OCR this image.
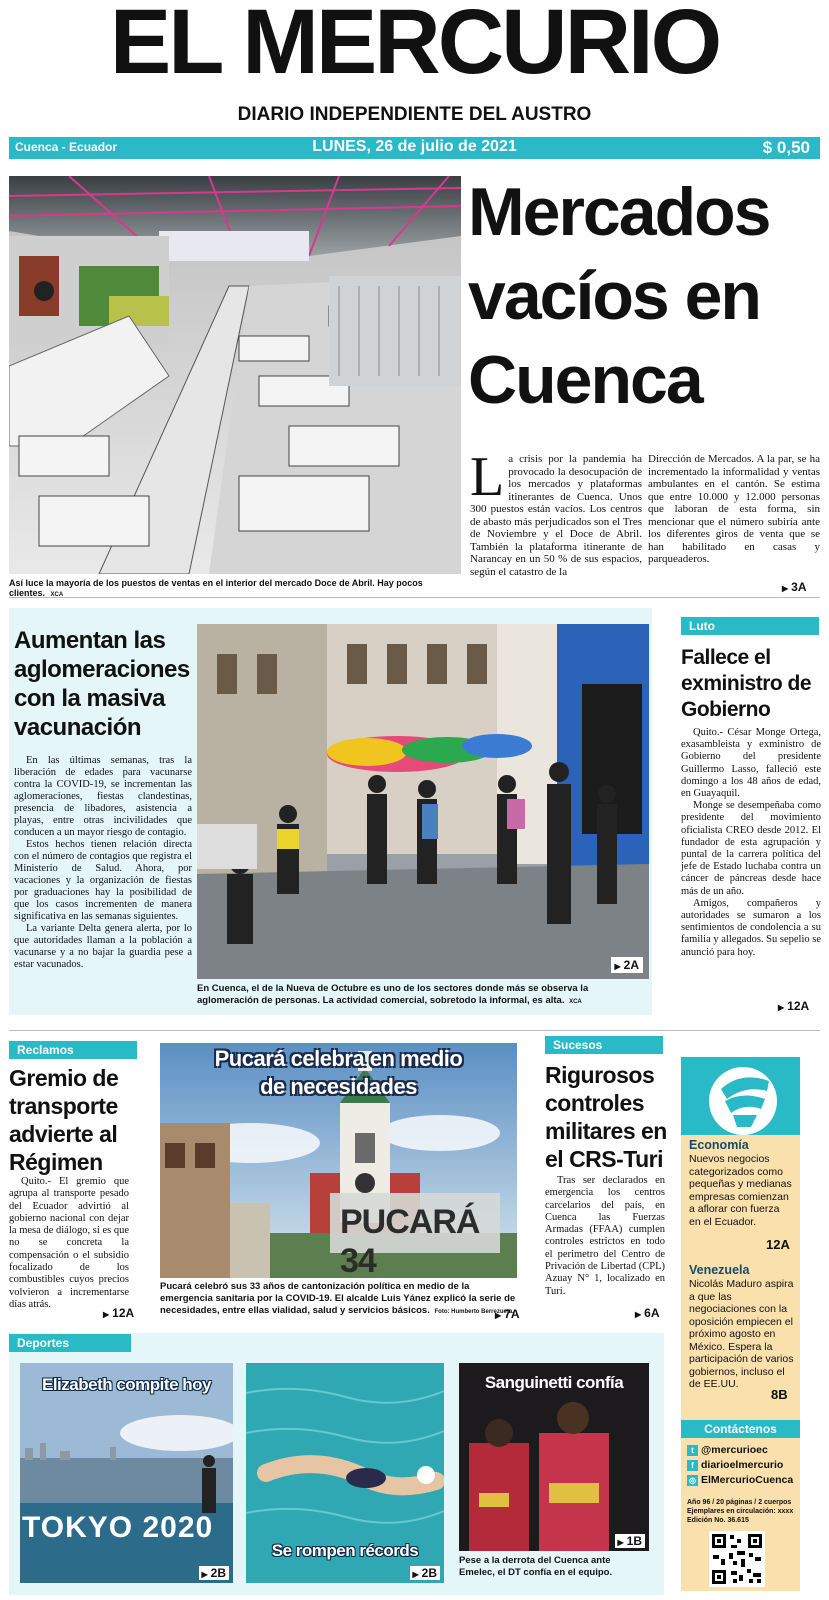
EL MERCURIO
DIARIO INDEPENDIENTE DEL AUSTRO
Cuenca - Ecuador	LUNES, 26 de julio de 2021	$ 0,50
Así luce la mayoría de los puestos de ventas en el interior del mercado Doce de Abril. Hay pocos clientes. XCA
Mercados vacíos en Cuenca
L a crisis por la pandemia ha provocado la desocupación de los mercados y plataformas itinerantes de Cuenca. Unos 300 puestos están vacíos. Los centros de abasto más perjudicados son el Tres de Noviembre y el Doce de Abril. También la plataforma itinerante de Narancay en un 50 % de sus espacios, según el catastro de la
Dirección de Mercados. A la par, se ha incrementado la informalidad y ventas ambulantes en el cantón. Se estima que entre 10.000 y 12.000 personas que laboran de esta forma, sin mencionar que el número subiría ante los diferentes giros de venta que se han habilitado en casas y parqueaderos.
▶ 3A
Aumentan las aglomeraciones con la masiva vacunación

En las últimas semanas, tras la liberación de edades para vacunarse contra la COVID-19, se incrementan las aglomeraciones, fiestas clandestinas, presencia de libadores, asistencia a playas, entre otras incivilidades que conducen a un mayor riesgo de contagio.

Estos hechos tienen relación directa con el número de contagios que registra el Ministerio de Salud. Ahora, por vacaciones y la organización de fiestas por graduaciones hay la posibilidad de que los casos incrementen de manera significativa en las semanas siguientes.

La variante Delta genera alerta, por lo que autoridades llaman a la población a vacunarse y a no bajar la guardia pese a estar vacunados.

▶	2A
En Cuenca, el de la Nueva de Octubre es uno de los sectores donde más se observa la aglomeración de personas. La actividad comercial, sobretodo la informal, es alta. XCA
Luto
Fallece el exministro de Gobierno

Quito.- César Monge Ortega, exasambleista y exministro de Gobierno del presidente Guillermo Lasso, falleció este domingo a los 48 años de edad, en Guayaquil.

Monge se desempeñaba como presidente del movimiento oficialista CREO desde 2012. El fundador de esta agrupación y puntal de la carrera política del jefe de Estado luchaba contra un cáncer de páncreas desde hace más de un año.

Amigos, compañeros y autoridades se sumaron a los sentimientos de condolencia a su familia y allegados. Su sepelio se anunció para hoy.

▶ 12A
Reclamos
Gremio de transporte advierte al Régimen
Quito.- El gremio que agrupa al transporte pesado del Ecuador advirtió al gobierno nacional con dejar la mesa de diálogo, si es que no se concreta la compensación o el subsidio focalizado de los combustibles cuyos precios volvieron a incrementarse días atrás.
▶ 12A
PUCARÁ 34
Pucará celebra en medio
de necesidades
Pucará celebró sus 33 años de cantonización política en medio de la emergencia sanitaria por la COVID-19. El alcalde Luis Yánez explicó la serie de necesidades, entre ellas vialidad, salud y servicios básicos. Foto: Humberto Berrezueta.
▶ 7A
Sucesos
Rigurosos controles militares en el CRS-Turi
Tras ser declarados en emergencia los centros carcelarios del país, en Cuenca las Fuerzas Armadas (FFAA) cumplen controles estrictos en todo el perimetro del Centro de Privación de Libertad (CPL) Azuay N° 1, localizado en Turi.
▶ 6A
Economía
Nuevos negocios categorizados como pequeñas y medianas empresas comienzan a aflorar con fuerza en el Ecuador.
12A
Venezuela
Nicolás Maduro aspira a que las negociaciones con la oposición empiecen el próximo agosto en México. Espera la participación de varios gobiernos, incluso el de EE.UU.
8B
Contáctenos
t @mercurioec
f diarioelmercurio
◎ ElMercurioCuenca
Año 96 / 20 páginas / 2 cuerpos
Ejemplares en circulación: xxxx
Edición No. 36.615
Deportes
TOKYO 2020
Elizabeth compite hoy
▶ 2B
Se rompen récords
▶ 2B
Sanguinetti confía
▶ 1B
Pese a la derrota del Cuenca ante Emelec, el DT confía en el equipo.
